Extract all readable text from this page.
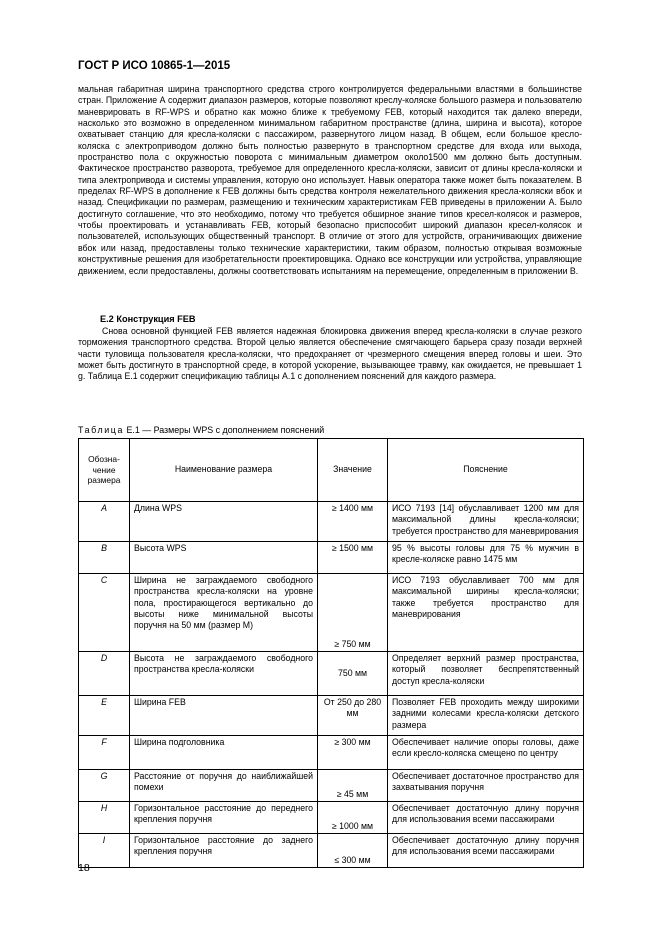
ГОСТ Р ИСО 10865-1—2015

мальная габаритная ширина транспортного средства строго контролируется федеральными властями в большинстве стран. Приложение А содержит диапазон размеров, которые позволяют креслу-коляске большого размера и пользователю маневрировать в RF-WPS и обратно как можно ближе к требуемому FEB, который находится так далеко впереди, насколько это возможно в определенном минимальном габаритном пространстве (длина, ширина и высота), которое охватывает станцию для кресла-коляски с пассажиром, развернутого лицом назад. В общем, если большое кресло-коляска с электроприводом должно быть полностью развернуто в транспортном средстве для входа или выхода, пространство пола с окружностью поворота с минимальным диаметром около1500 мм должно быть доступным. Фактическое пространство разворота, требуемое для определенного кресла-коляски, зависит от длины кресла-коляски и типа электропривода и системы управления, которую оно использует. Навык оператора также может быть показателем. В пределах RF-WPS в дополнение к FEB должны быть средства контроля нежелательного движения кресла-коляски вбок и назад. Спецификации по размерам, размещению и техническим характеристикам FEB приведены в приложении А. Было достигнуто соглашение, что это необходимо, потому что требуется обширное знание типов кресел-колясок и размеров, чтобы проектировать и устанавливать FEB, который безопасно приспособит широкий диапазон кресел-колясок и пользователей, использующих общественный транспорт. В отличие от этого для устройств, ограничивающих движение вбок или назад, предоставлены только технические характеристики, таким образом, полностью открывая возможные конструктивные решения для изобретательности проектировщика. Однако все конструкции или устройства, управляющие движением, если предоставлены, должны соответствовать испытаниям на перемещение, определенным в приложении В.

Е.2 Конструкция FEB

Снова основной функцией FEB является надежная блокировка движения вперед кресла-коляски в случае резкого торможения транспортного средства. Второй целью является обеспечение смягчающего барьера сразу позади верхней части туловища пользователя кресла-коляски, что предохраняет от чрезмерного смещения вперед головы и шеи. Это может быть достигнуто в транспортной среде, в которой ускорение, вызывающее травму, как ожидается, не превышает 1 g. Таблица Е.1 содержит спецификацию таблицы А.1 с дополнением пояснений для каждого размера.

Таблица Е.1 — Размеры WPS с дополнением пояснений
Обозна-
чение
размера	Наименование размера	Значение	Пояснение
A	Длина WPS	≥ 1400 мм	ИСО 7193 [14] обуславливает 1200 мм для максимальной длины кресла-коляски; требуется пространство для маневрирования
B	Высота WPS	≥ 1500 мм	95 % высоты головы для 75 % мужчин в кресле-коляске равно 1475 мм
C	Ширина не заграждаемого свободного пространства кресла-коляски на уровне пола, простирающегося вертикально до высоты ниже минимальной высоты поручня на 50 мм (размер M)	≥ 750 мм	ИСО 7193 обуславливает 700 мм для максимальной ширины кресла-коляски; также требуется пространство для маневрирования
D	Высота не заграждаемого свободного пространства кресла-коляски	750 мм	Определяет верхний размер пространства, который позволяет беспрепятственный доступ кресла-коляски
E	Ширина FEB	От 250 до 280 мм	Позволяет FEB проходить между широкими задними колесами кресла-коляски детского размера
F	Ширина подголовника	≥ 300 мм	Обеспечивает наличие опоры головы, даже если кресло-коляска смещено по центру
G	Расстояние от поручня до наиближайшей помехи	≥ 45 мм	Обеспечивает достаточное пространство для захватывания поручня
H	Горизонтальное расстояние до переднего крепления поручня	≥ 1000 мм	Обеспечивает достаточную длину поручня для использования всеми пассажирами
I	Горизонтальное расстояние до заднего крепления поручня	≤ 300 мм	Обеспечивает достаточную длину поручня для использования всеми пассажирами
18
